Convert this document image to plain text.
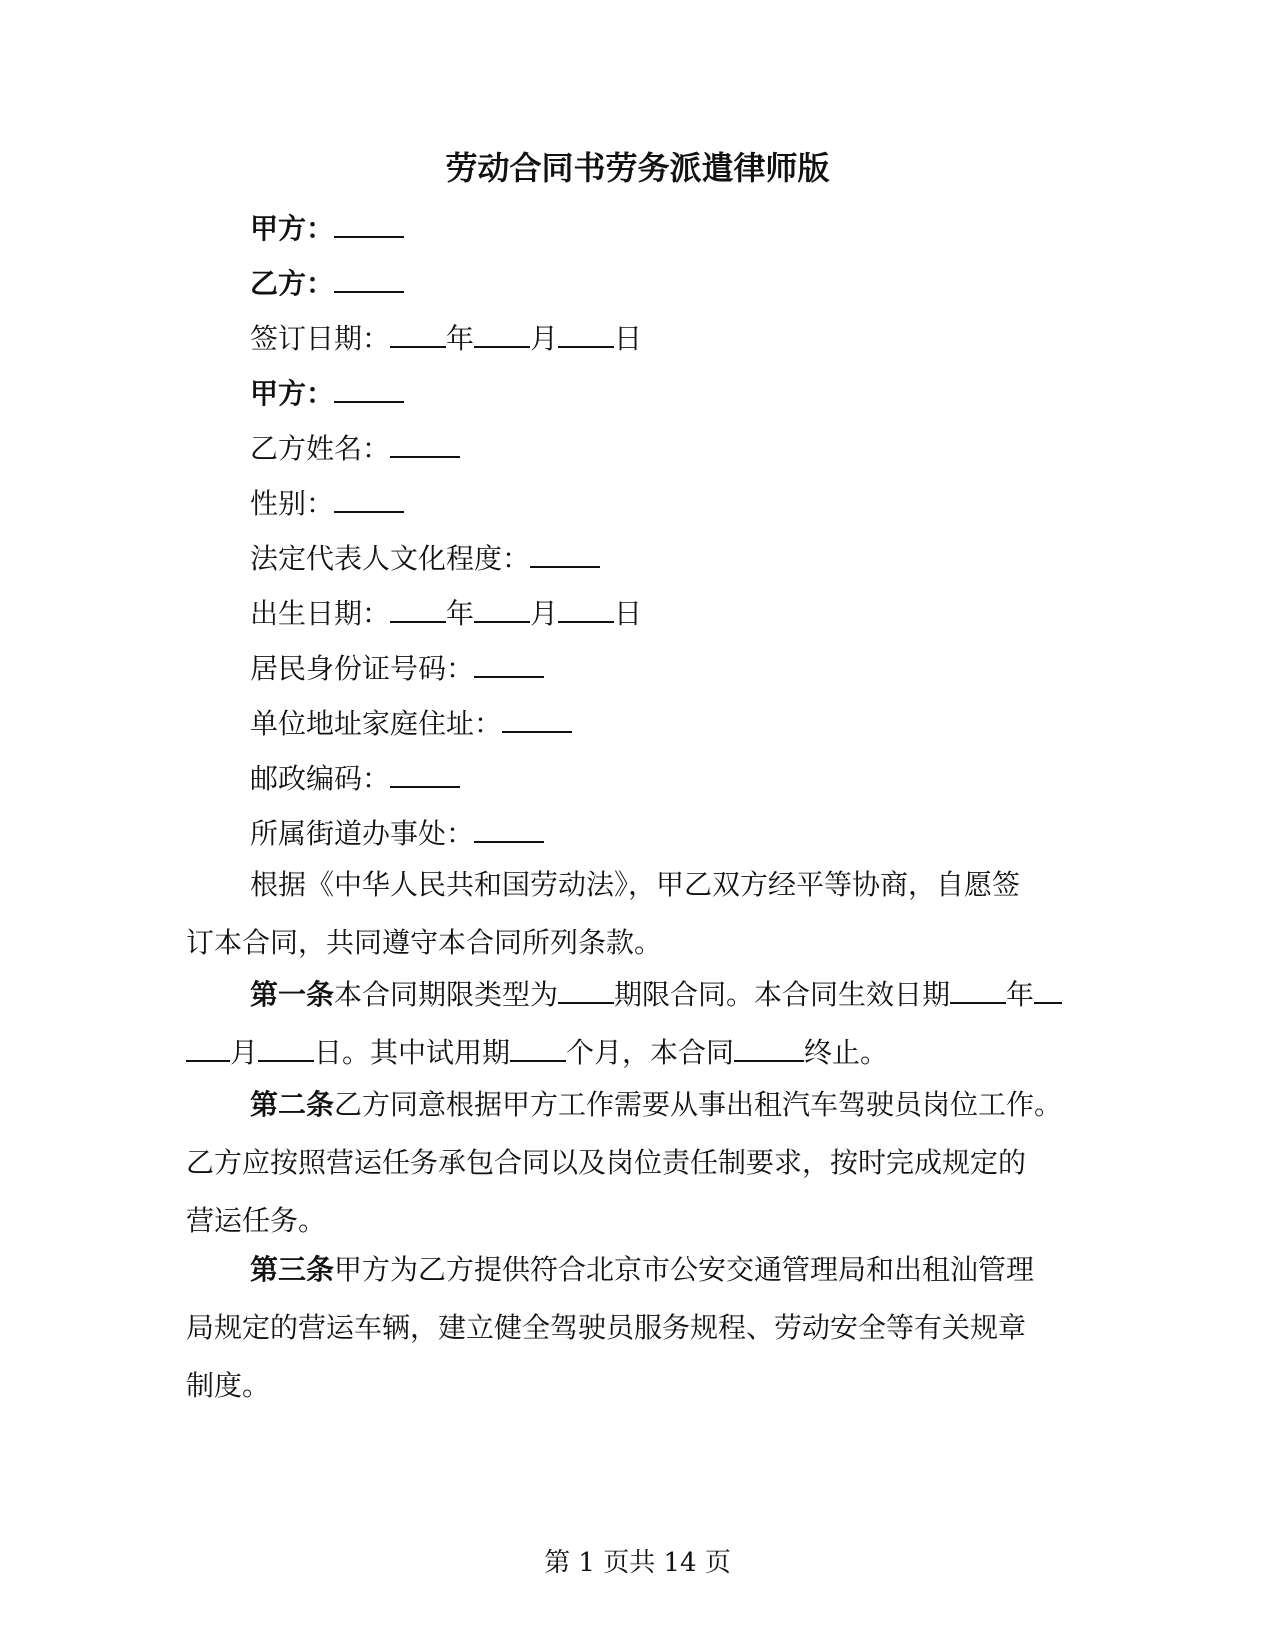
劳动合同书劳务派遣律师版
甲方：
乙方：
签订日期： 年 月 日
甲方：
乙方姓名：
性别：
法定代表人文化程度：
出生日期： 年 月 日
居民身份证号码：
单位地址家庭住址：
邮政编码：
所属街道办事处：
根据《中华人民共和国劳动法》，甲乙双方经平等协商，自愿签
订本合同，共同遵守本合同所列条款。
第一条本合同期限类型为 期限合同。本合同生效日期 年
月 日。其中试用期 个月，本合同	终止。
第二条乙方同意根据甲方工作需要从事出租汽车驾驶员岗位工作。
乙方应按照营运任务承包合同以及岗位责任制要求，按时完成规定的
营运任务。
第三条甲方为乙方提供符合北京市公安交通管理局和出租汕管理
局规定的营运车辆，建立健全驾驶员服务规程、劳动安全等有关规章
制度。
第 1 页共 14 页
